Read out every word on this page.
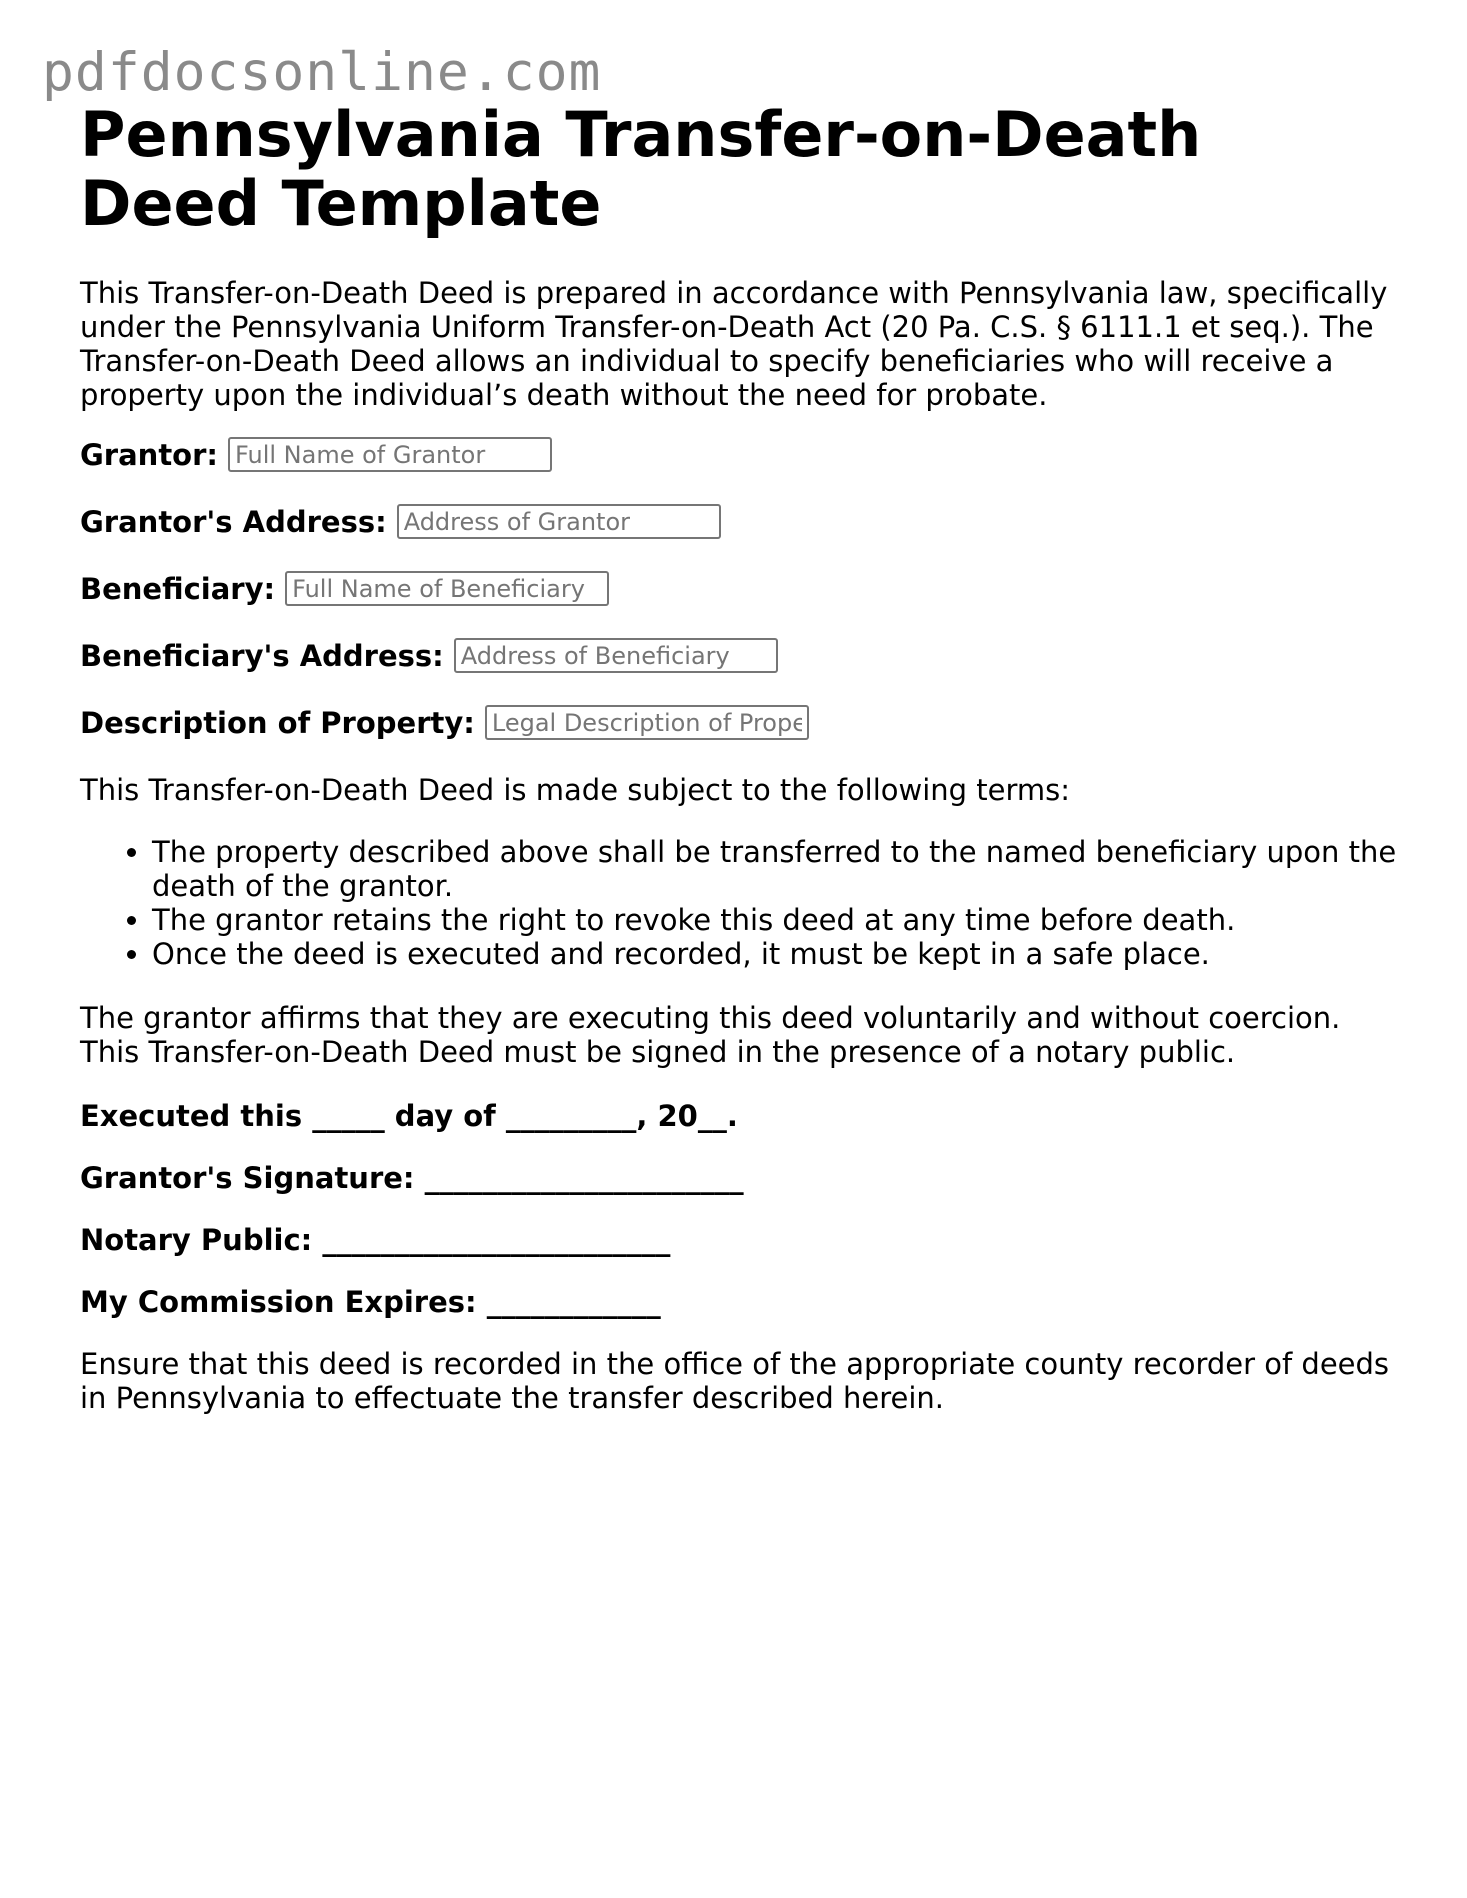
pdfdocsonline.com
Pennsylvania Transfer-on-Death Deed Template

This Transfer-on-Death Deed is prepared in accordance with Pennsylvania law, specifically under the Pennsylvania Uniform Transfer-on-Death Act (20 Pa. C.S. § 6111.1 et seq.). The Transfer-on-Death Deed allows an individual to specify beneficiaries who will receive a property upon the individual’s death without the need for probate.

Grantor:
Full Name of Grantor
Grantor's Address:
Address of Grantor
Beneficiary:
Full Name of Beneficiary
Beneficiary's Address:
Address of Beneficiary
Description of Property:
Legal Description of Property

This Transfer-on-Death Deed is made subject to the following terms:

• The property described above shall be transferred to the named beneficiary upon the death of the grantor.
• The grantor retains the right to revoke this deed at any time before death.
• Once the deed is executed and recorded, it must be kept in a safe place.

The grantor affirms that they are executing this deed voluntarily and without coercion. This Transfer-on-Death Deed must be signed in the presence of a notary public.

Executed this _____ day of _________, 20__.

Grantor's Signature: ______________________

Notary Public: ________________________

My Commission Expires: ____________

Ensure that this deed is recorded in the office of the appropriate county recorder of deeds in Pennsylvania to effectuate the transfer described herein.
